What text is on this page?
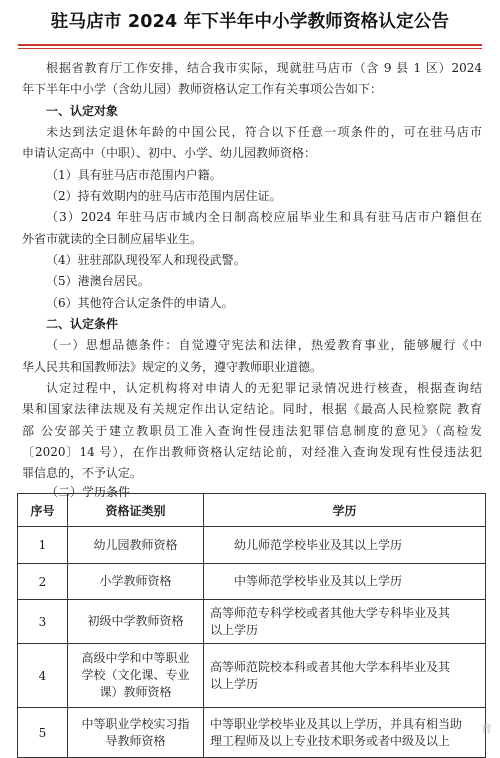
驻马店市 2024 年下半年中小学教师资格认定公告
根据省教育厅工作安排，结合我市实际，现就驻马店市（含 9 县 1 区）2024
年下半年中小学（含幼儿园）教师资格认定工作有关事项公告如下：
一、认定对象
未达到法定退休年龄的中国公民，符合以下任意一项条件的，可在驻马店市
申请认定高中（中职）、初中、小学、幼儿园教师资格：
（1）具有驻马店市范围内户籍。
（2）持有效期内的驻马店市范围内居住证。
（3）2024 年驻马店市域内全日制高校应届毕业生和具有驻马店市户籍但在
外省市就读的全日制应届毕业生。
（4）驻驻部队现役军人和现役武警。
（5）港澳台居民。
（6）其他符合认定条件的申请人。
二、认定条件
（一）思想品德条件：自觉遵守宪法和法律，热爱教育事业，能够履行《中
华人民共和国教师法》规定的义务，遵守教师职业道德。
认定过程中，认定机构将对申请人的无犯罪记录情况进行核查，根据查询结
果和国家法律法规及有关规定作出认定结论。同时，根据《最高人民检察院 教育
部 公安部关于建立教职员工准入查询性侵违法犯罪信息制度的意见》（高检发
〔2020〕14 号），在作出教师资格认定结论前，对经准入查询发现有性侵违法犯
罪信息的，不予认定。
（二）学历条件
序号	资格证类别	学历
1	幼儿园教师资格	　　幼儿师范学校毕业及其以上学历
2	小学教师资格	　　中等师范学校毕业及其以上学历
3	初级中学教师资格	高等师范专科学校或者其他大学专科毕业及其
以上学历
4	高级中学和中等职业
学校（文化课、专业
课）教师资格	高等师范院校本科或者其他大学本科毕业及其
以上学历
5	中等职业学校实习指
导教师资格	中等职业学校毕业及其以上学历，并具有相当助
理工程师及以上专业技术职务或者中级及以上
育
